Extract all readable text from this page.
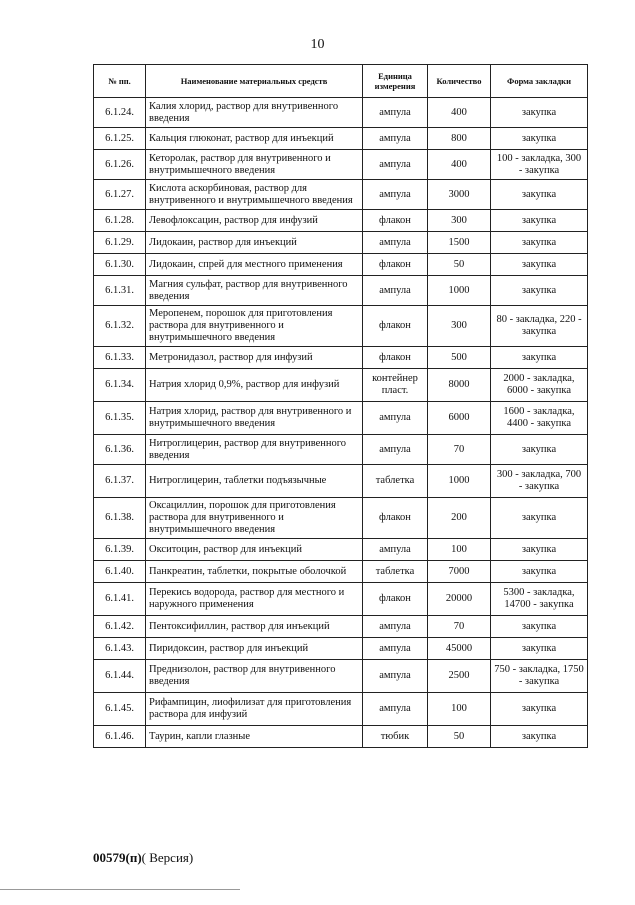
10
№ пп.	Наименование материальных средств	Единица измерения	Количество	Форма закладки
6.1.24.	Калия хлорид, раствор для внутривенного введения	ампула	400	закупка
6.1.25.	Кальция глюконат, раствор для инъекций	ампула	800	закупка
6.1.26.	Кеторолак, раствор для внутривенного и внутримышечного введения	ампула	400	100 - закладка, 300 - закупка
6.1.27.	Кислота аскорбиновая, раствор для внутривенного и внутримышечного введения	ампула	3000	закупка
6.1.28.	Левофлоксацин, раствор для инфузий	флакон	300	закупка
6.1.29.	Лидокаин, раствор для инъекций	ампула	1500	закупка
6.1.30.	Лидокаин, спрей для местного применения	флакон	50	закупка
6.1.31.	Магния сульфат, раствор для внутривенного введения	ампула	1000	закупка
6.1.32.	Меропенем, порошок для приготовления раствора для внутривенного и внутримышечного введения	флакон	300	80 - закладка, 220 - закупка
6.1.33.	Метронидазол, раствор для инфузий	флакон	500	закупка
6.1.34.	Натрия хлорид 0,9%, раствор для инфузий	контейнер пласт.	8000	2000 - закладка, 6000 - закупка
6.1.35.	Натрия хлорид, раствор для внутривенного и внутримышечного введения	ампула	6000	1600 - закладка, 4400 - закупка
6.1.36.	Нитроглицерин, раствор для внутривенного введения	ампула	70	закупка
6.1.37.	Нитроглицерин, таблетки подъязычные	таблетка	1000	300 - закладка, 700 - закупка
6.1.38.	Оксациллин, порошок для приготовления раствора для внутривенного и внутримышечного введения	флакон	200	закупка
6.1.39.	Окситоцин, раствор для инъекций	ампула	100	закупка
6.1.40.	Панкреатин, таблетки, покрытые оболочкой	таблетка	7000	закупка
6.1.41.	Перекись водорода, раствор для местного и наружного применения	флакон	20000	5300 - закладка, 14700 - закупка
6.1.42.	Пентоксифиллин, раствор для инъекций	ампула	70	закупка
6.1.43.	Пиридоксин, раствор для инъекций	ампула	45000	закупка
6.1.44.	Преднизолон, раствор для внутривенного введения	ампула	2500	750 - закладка, 1750 - закупка
6.1.45.	Рифампицин, лиофилизат для приготовления раствора для инфузий	ампула	100	закупка
6.1.46.	Таурин, капли глазные	тюбик	50	закупка
00579(п)( Версия)
